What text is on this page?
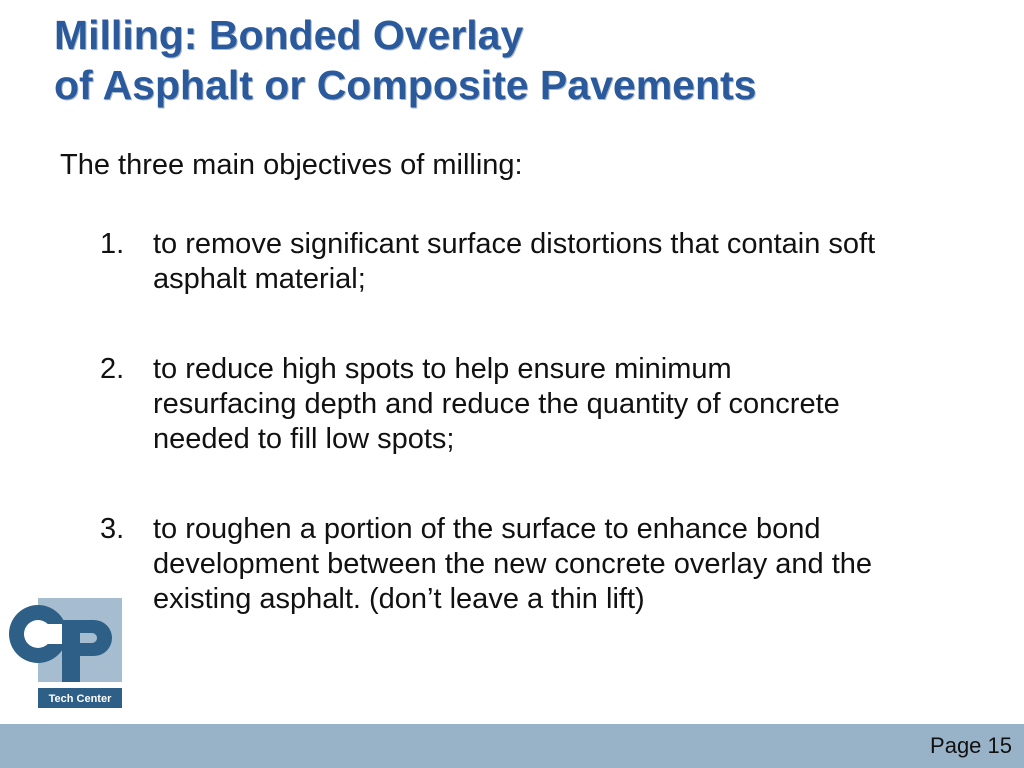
Milling: Bonded Overlay
of Asphalt or Composite Pavements

The three main objectives of milling:

1. to remove significant surface distortions that contain soft asphalt material;
2. to reduce high spots to help ensure minimum resurfacing depth and reduce the quantity of concrete needed to fill low spots;
3. to roughen a portion of the surface to enhance bond development between the new concrete overlay and the existing asphalt. (don’t leave a thin lift)
Tech Center
Page 15
